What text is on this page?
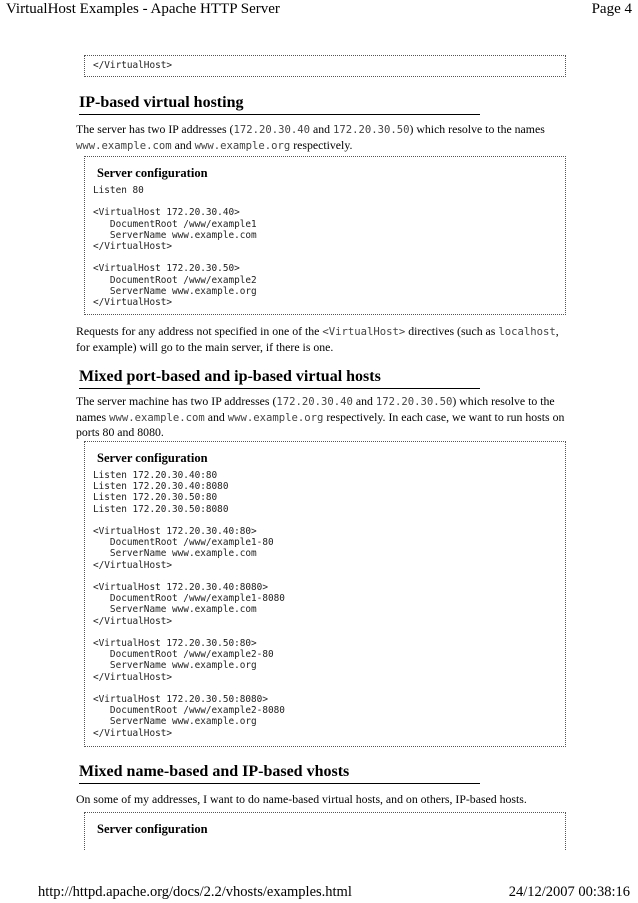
VirtualHost Examples - Apache HTTP Server	Page 4
</VirtualHost>
IP-based virtual hosting

The server has two IP addresses (172.20.30.40 and 172.20.30.50) which resolve to the names www.example.com and www.example.org respectively.

Server configuration
Listen 80

<VirtualHost 172.20.30.40>
DocumentRoot /www/example1
ServerName www.example.com
</VirtualHost>

<VirtualHost 172.20.30.50>
DocumentRoot /www/example2
ServerName www.example.org
</VirtualHost>

Requests for any address not specified in one of the <VirtualHost> directives (such as localhost, for example) will go to the main server, if there is one.

Mixed port-based and ip-based virtual hosts

The server machine has two IP addresses (172.20.30.40 and 172.20.30.50) which resolve to the names www.example.com and www.example.org respectively. In each case, we want to run hosts on ports 80 and 8080.

Server configuration
Listen 172.20.30.40:80
Listen 172.20.30.40:8080
Listen 172.20.30.50:80
Listen 172.20.30.50:8080

<VirtualHost 172.20.30.40:80>
DocumentRoot /www/example1-80
ServerName www.example.com
</VirtualHost>

<VirtualHost 172.20.30.40:8080>
DocumentRoot /www/example1-8080
ServerName www.example.com
</VirtualHost>

<VirtualHost 172.20.30.50:80>
DocumentRoot /www/example2-80
ServerName www.example.org
</VirtualHost>

<VirtualHost 172.20.30.50:8080>
DocumentRoot /www/example2-8080
ServerName www.example.org
</VirtualHost>
Mixed name-based and IP-based vhosts

On some of my addresses, I want to do name-based virtual hosts, and on others, IP-based hosts.

Server configuration
http://httpd.apache.org/docs/2.2/vhosts/examples.html	24/12/2007 00:38:16
